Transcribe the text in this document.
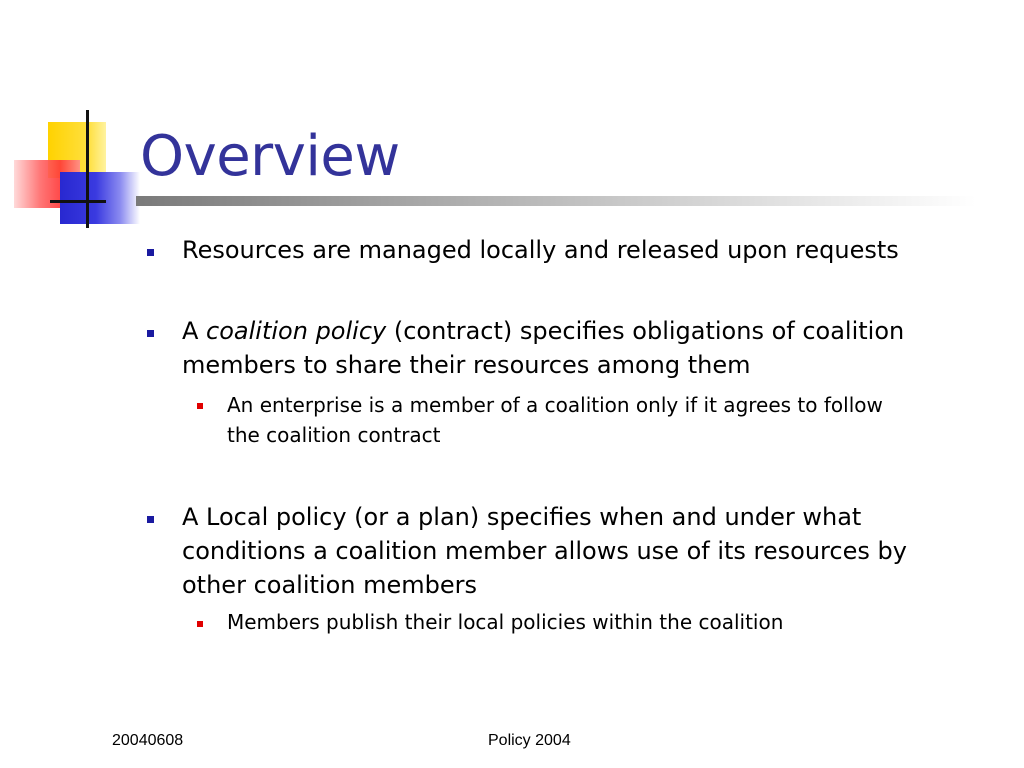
Overview
Resources are managed locally and released upon requests
A coalition policy (contract) specifies obligations of coalition
members to share their resources among them
An enterprise is a member of a coalition only if it agrees to follow
the coalition contract
A Local policy (or a plan) specifies when and under what
conditions a coalition member allows use of its resources by
other coalition members
Members publish their local policies within the coalition
20040608	Policy 2004
